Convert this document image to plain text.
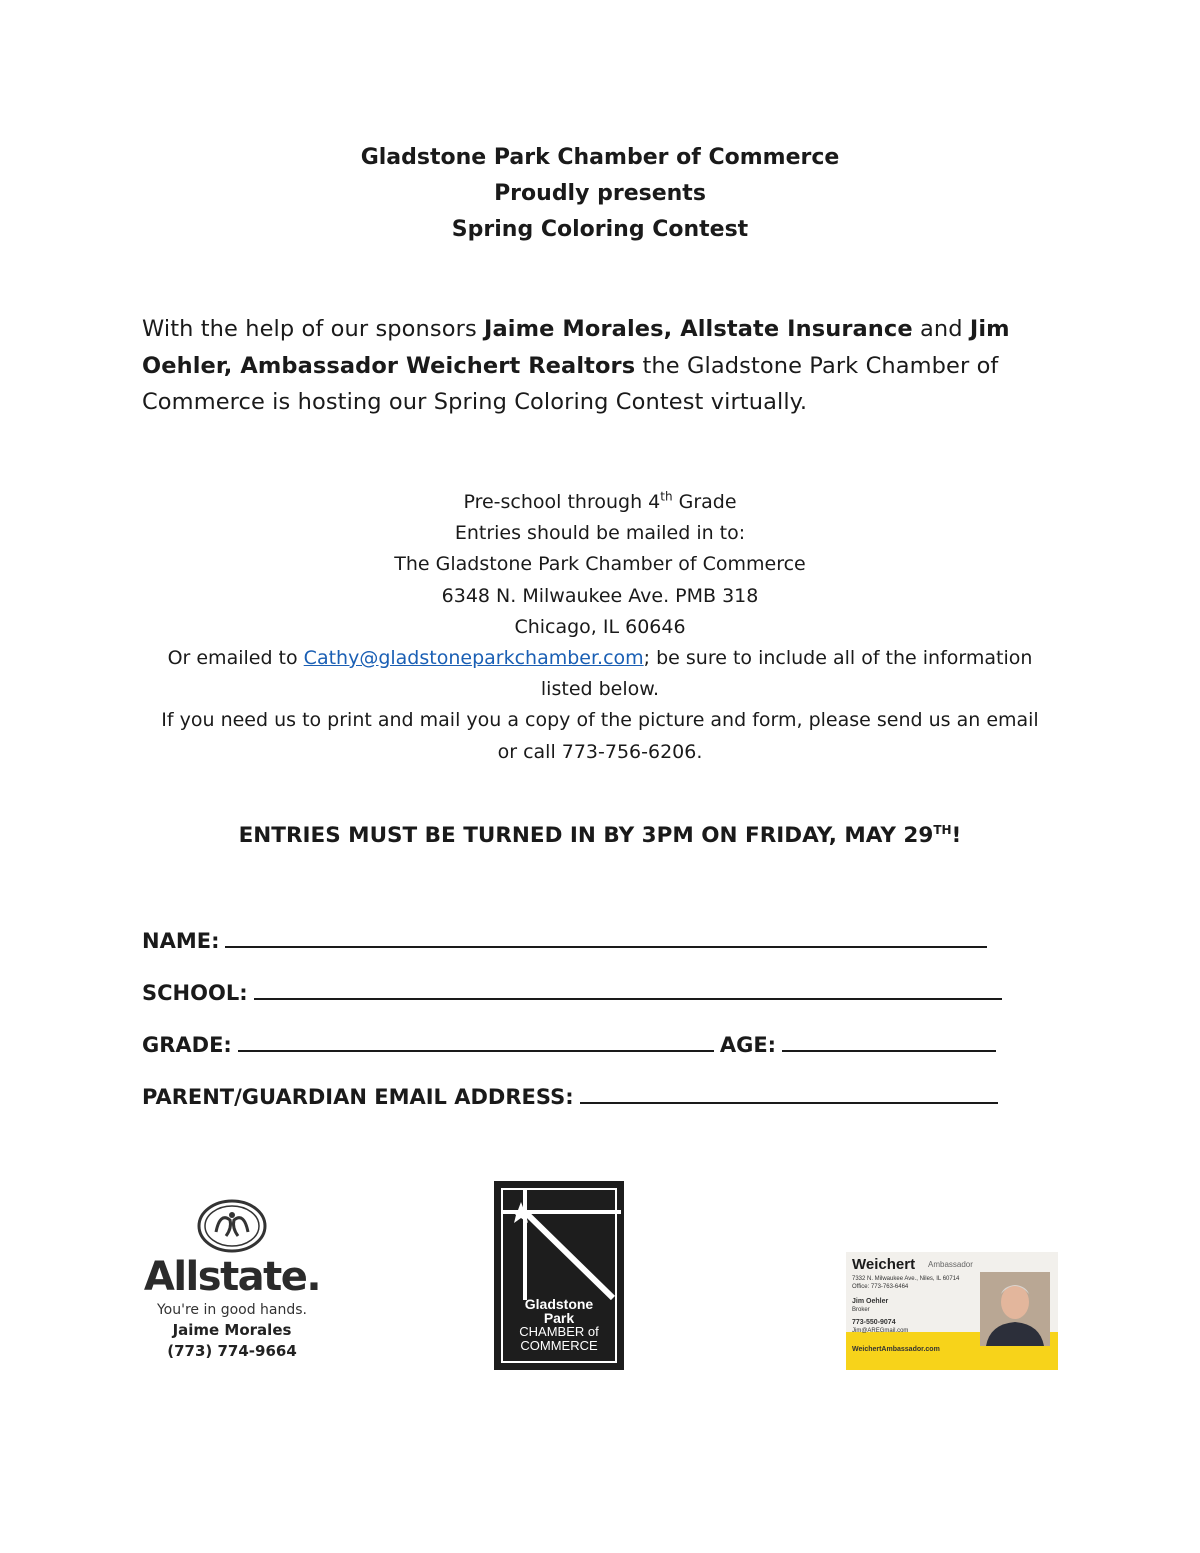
Gladstone Park Chamber of Commerce
Proudly presents
Spring Coloring Contest
With the help of our sponsors Jaime Morales, Allstate Insurance and Jim Oehler, Ambassador Weichert Realtors the Gladstone Park Chamber of Commerce is hosting our Spring Coloring Contest virtually.
Pre-school through 4th Grade
Entries should be mailed in to:
The Gladstone Park Chamber of Commerce
6348 N. Milwaukee Ave. PMB 318
Chicago, IL 60646
Or emailed to Cathy@gladstoneparkchamber.com; be sure to include all of the information listed below.
If you need us to print and mail you a copy of the picture and form, please send us an email or call 773-756-6206.
ENTRIES MUST BE TURNED IN BY 3PM ON FRIDAY, MAY 29TH!
NAME:
SCHOOL:
GRADE:	AGE:
PARENT/GUARDIAN EMAIL ADDRESS:
Allstate.
You're in good hands.
Jaime Morales
(773) 774-9664
Gladstone
Park
CHAMBER of
COMMERCE
Weichert Ambassador
7332 N. Milwaukee Ave., Niles, IL 60714
Office: 773-763-6464
Jim Oehler
Broker
773-550-9074
Jim@AREGmail.com
WeichertAmbassador.com
